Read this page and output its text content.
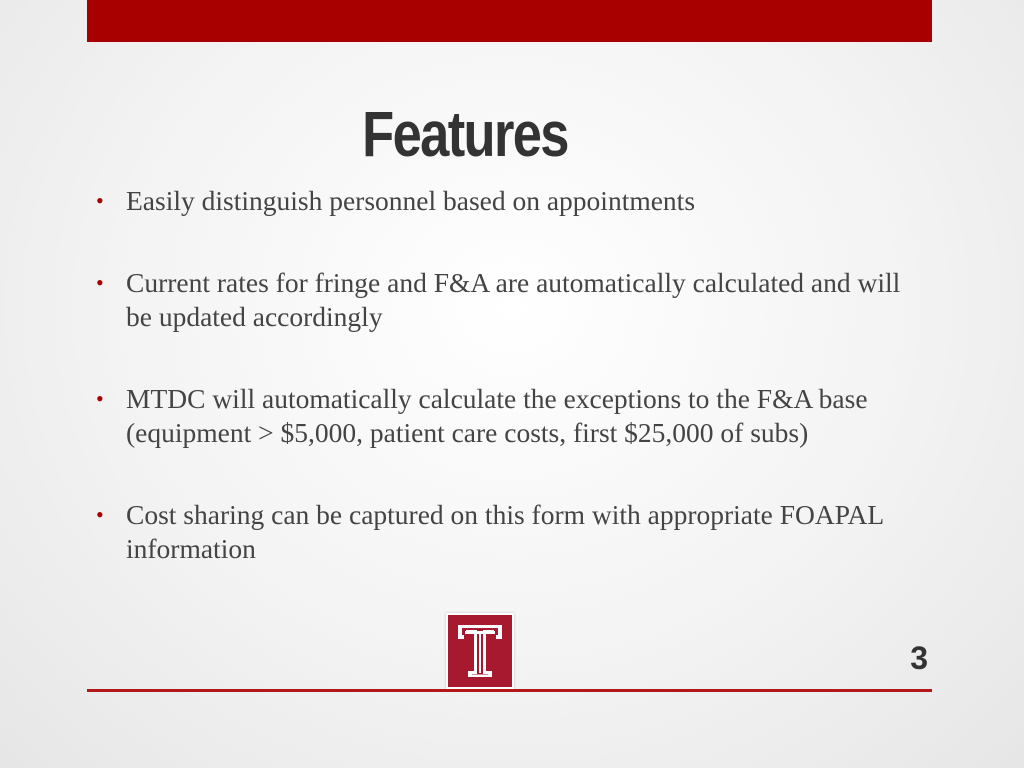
Features
• Easily distinguish personnel based on appointments
• Current rates for fringe and F&A are automatically calculated and will be updated accordingly
• MTDC will automatically calculate the exceptions to the F&A base (equipment > $5,000, patient care costs, first $25,000 of subs)
• Cost sharing can be captured on this form with appropriate FOAPAL information
3
